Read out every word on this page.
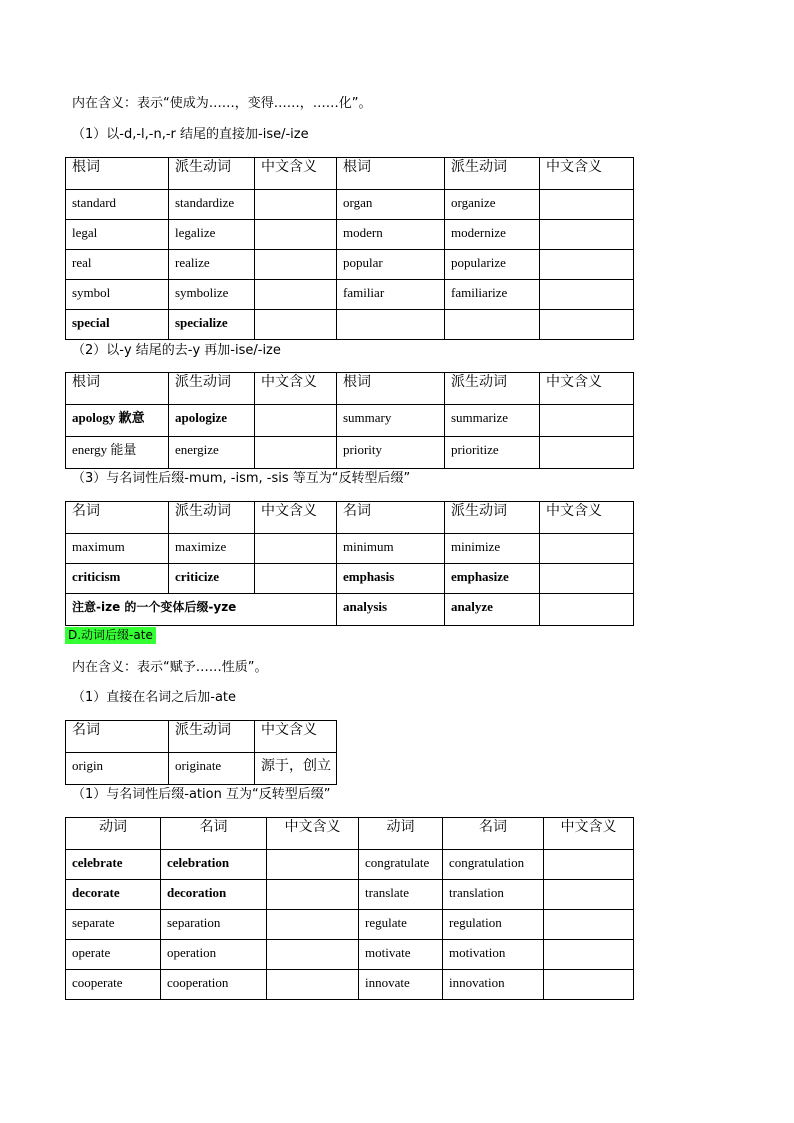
内在含义：表示“使成为……，变得……，……化”。
（1）以-d,-l,-n,-r 结尾的直接加-ise/-ize
根词	派生动词	中文含义	根词	派生动词	中文含义
standard	standardize		organ	organize	
legal	legalize		modern	modernize	
real	realize		popular	popularize	
symbol	symbolize		familiar	familiarize	
special	specialize				
（2）以-y 结尾的去-y 再加-ise/-ize
根词	派生动词	中文含义	根词	派生动词	中文含义
apology 歉意	apologize		summary	summarize	
energy 能量	energize		priority	prioritize	
（3）与名词性后缀-mum, -ism, -sis 等互为“反转型后缀”
名词	派生动词	中文含义	名词	派生动词	中文含义
maximum	maximize		minimum	minimize	
criticism	criticize		emphasis	emphasize	
注意-ize 的一个变体后缀-yze			analysis	analyze	
D.动词后缀-ate
内在含义：表示“赋予……性质”。
（1）直接在名词之后加-ate
名词	派生动词	中文含义
origin	originate	源于，创立
（1）与名词性后缀-ation 互为“反转型后缀”
动词	名词	中文含义	动词	名词	中文含义
celebrate	celebration		congratulate	congratulation	
decorate	decoration		translate	translation	
separate	separation		regulate	regulation	
operate	operation		motivate	motivation	
cooperate	cooperation		innovate	innovation	
